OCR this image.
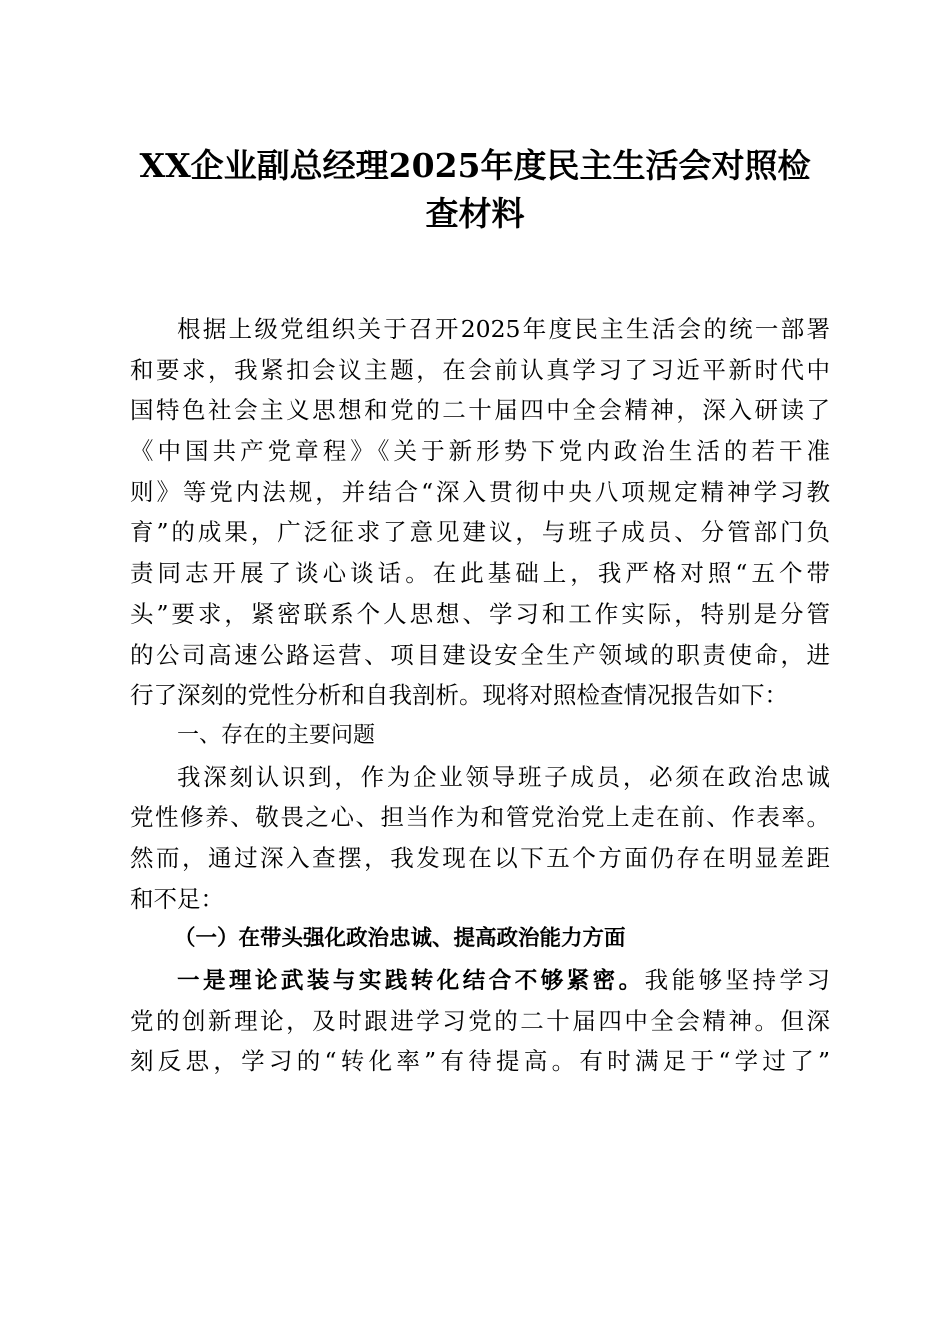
XX企业副总经理2025年度民主生活会对照检
查材料
根据上级党组织关于召开2025年度民主生活会的统一部署
和要求，我紧扣会议主题，在会前认真学习了习近平新时代中
国特色社会主义思想和党的二十届四中全会精神，深入研读了
《中国共产党章程》《关于新形势下党内政治生活的若干准
则》等党内法规，并结合“深入贯彻中央八项规定精神学习教
育”的成果，广泛征求了意见建议，与班子成员、分管部门负
责同志开展了谈心谈话。在此基础上，我严格对照“五个带
头”要求，紧密联系个人思想、学习和工作实际，特别是分管
的公司高速公路运营、项目建设安全生产领域的职责使命，进
行了深刻的党性分析和自我剖析。现将对照检查情况报告如下：
一、存在的主要问题
我深刻认识到，作为企业领导班子成员，必须在政治忠诚
党性修养、敬畏之心、担当作为和管党治党上走在前、作表率。
然而，通过深入查摆，我发现在以下五个方面仍存在明显差距
和不足：
（一）在带头强化政治忠诚、提高政治能力方面
一是理论武装与实践转化结合不够紧密。我能够坚持学习
党的创新理论，及时跟进学习党的二十届四中全会精神。但深
刻反思，学习的“转化率”有待提高。有时满足于“学过了”
